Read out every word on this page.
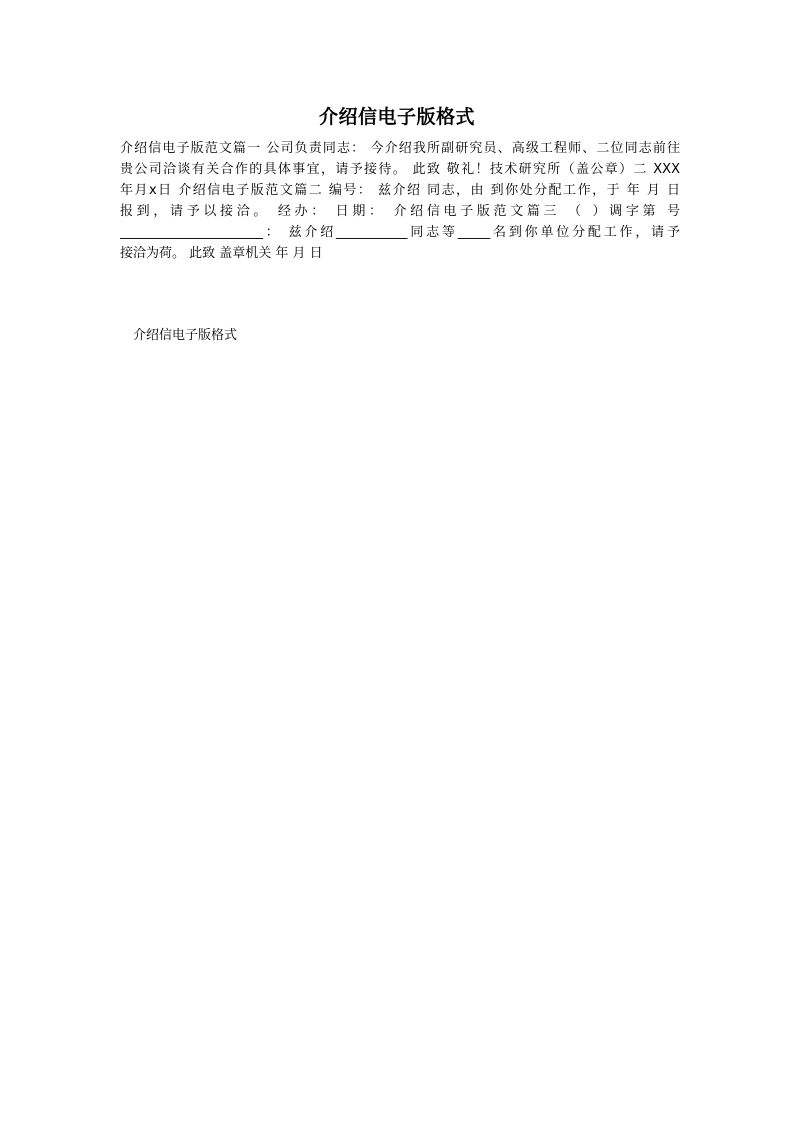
介绍信电子版格式
介绍信电子版范文篇一 公司负责同志： 今介绍我所副研究员、高级工程师、二位同志前往
贵公司洽谈有关合作的具体事宜，请予接待。 此致 敬礼！技术研究所（盖公章）二 XXX
年月x日 介绍信电子版范文篇二 编号： 兹介绍 同志，由 到你处分配工作，于 年 月 日
报到，请予以接洽。 经办： 日期： 介绍信电子版范文篇三 （ ）调字第 号
______________________： 兹介绍___________同志等_____名到你单位分配工作，请予
接洽为荷。 此致 盖章机关 年 月 日
介绍信电子版格式
